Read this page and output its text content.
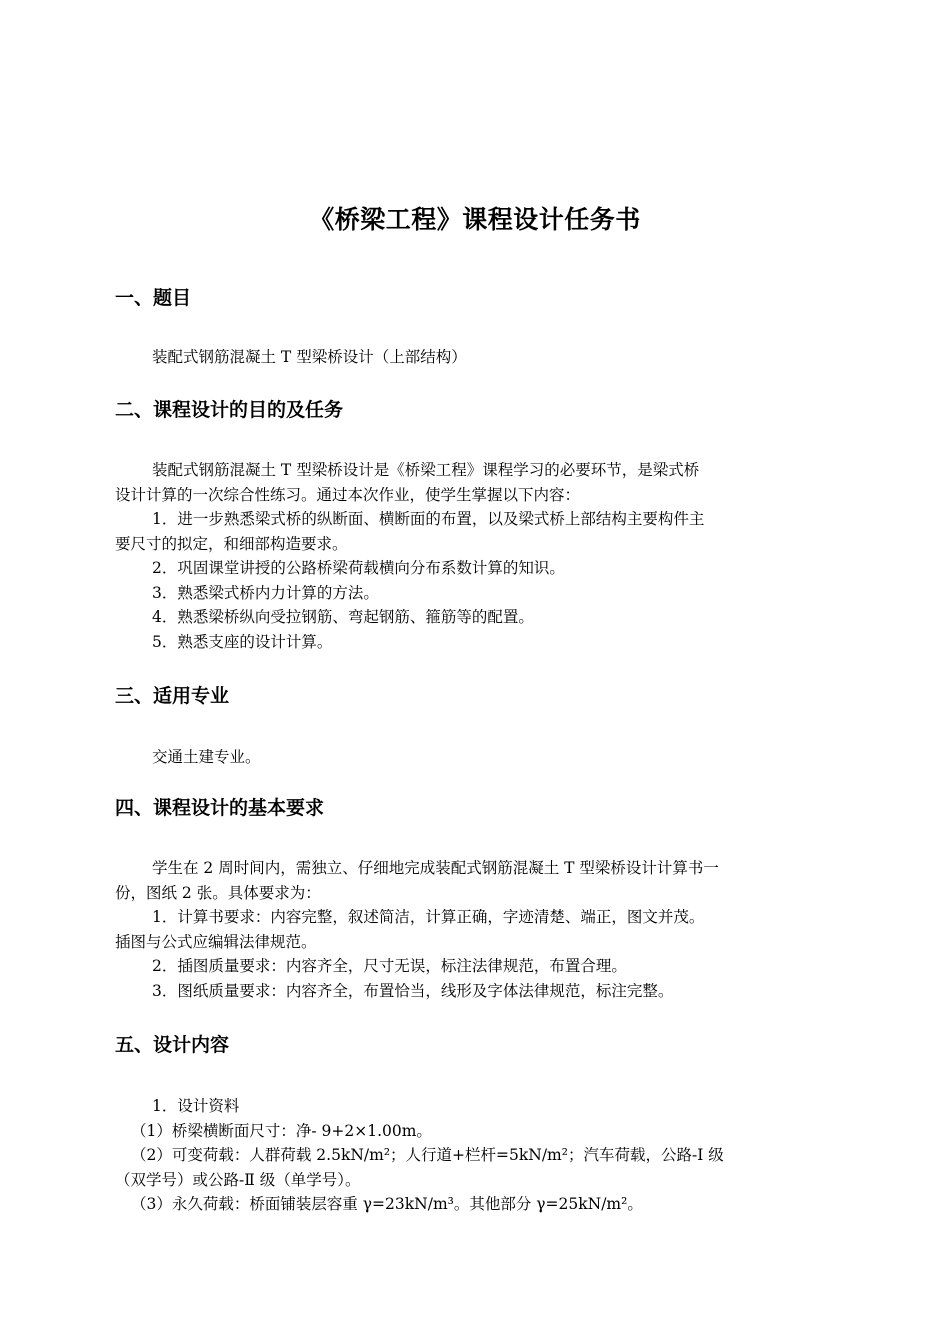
《桥梁工程》课程设计任务书
一、题目
装配式钢筋混凝土 T 型梁桥设计（上部结构）
二、课程设计的目的及任务
装配式钢筋混凝土 T 型梁桥设计是《桥梁工程》课程学习的必要环节，是梁式桥
设计计算的一次综合性练习。通过本次作业，使学生掌握以下内容：
1．进一步熟悉梁式桥的纵断面、横断面的布置，以及梁式桥上部结构主要构件主
要尺寸的拟定，和细部构造要求。
2．巩固课堂讲授的公路桥梁荷载横向分布系数计算的知识。
3．熟悉梁式桥内力计算的方法。
4．熟悉梁桥纵向受拉钢筋、弯起钢筋、箍筋等的配置。
5．熟悉支座的设计计算。
三、适用专业
交通土建专业。
四、课程设计的基本要求
学生在 2 周时间内，需独立、仔细地完成装配式钢筋混凝土 T 型梁桥设计计算书一
份，图纸 2 张。具体要求为：
1．计算书要求：内容完整，叙述简洁，计算正确，字迹清楚、端正，图文并茂。
插图与公式应编辑法律规范。
2．插图质量要求：内容齐全，尺寸无误，标注法律规范，布置合理。
3．图纸质量要求：内容齐全，布置恰当，线形及字体法律规范，标注完整。
五、设计内容
1．设计资料
（1）桥梁横断面尺寸：净- 9+2×1.00m。
（2）可变荷载：人群荷载 2.5kN/m²；人行道+栏杆=5kN/m²；汽车荷载，公路-Ⅰ 级
（双学号）或公路-Ⅱ 级（单学号）。
（3）永久荷载：桥面铺装层容重 γ=23kN/m³。其他部分 γ=25kN/m²。
